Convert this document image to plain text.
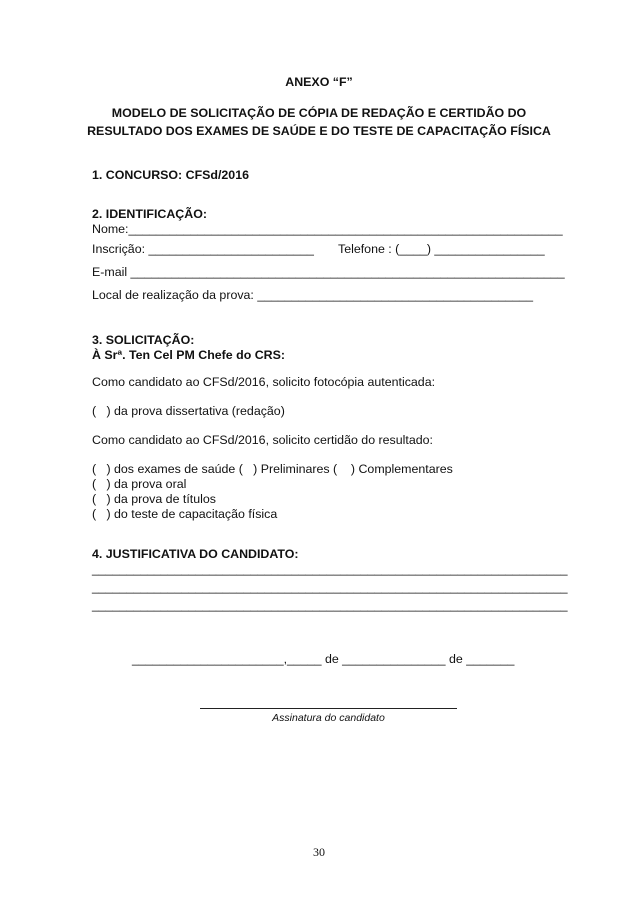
ANEXO “F”

MODELO DE SOLICITAÇÃO DE CÓPIA DE REDAÇÃO E CERTIDÃO DO

RESULTADO DOS EXAMES DE SAÚDE E DO TESTE DE CAPACITAÇÃO FÍSICA

1. CONCURSO: CFSd/2016

2. IDENTIFICAÇÃO:

Nome:_______________________________________________________________

Inscrição: ________________________ Telefone : (____) ________________

E-mail _______________________________________________________________

Local de realização da prova: ________________________________________

3. SOLICITAÇÃO:

À Srª. Ten Cel PM Chefe do CRS:

Como candidato ao CFSd/2016, solicito fotocópia autenticada:

(   ) da prova dissertativa (redação)

Como candidato ao CFSd/2016, solicito certidão do resultado:

(   ) dos exames de saúde (   ) Preliminares (    ) Complementares

(   ) da prova oral

(   ) da prova de títulos

(   ) do teste de capacitação física

4. JUSTIFICATIVA DO CANDIDATO:

_____________________________________________________________________

_____________________________________________________________________

_____________________________________________________________________

______________________,_____ de _______________ de _______

Assinatura do candidato

30
